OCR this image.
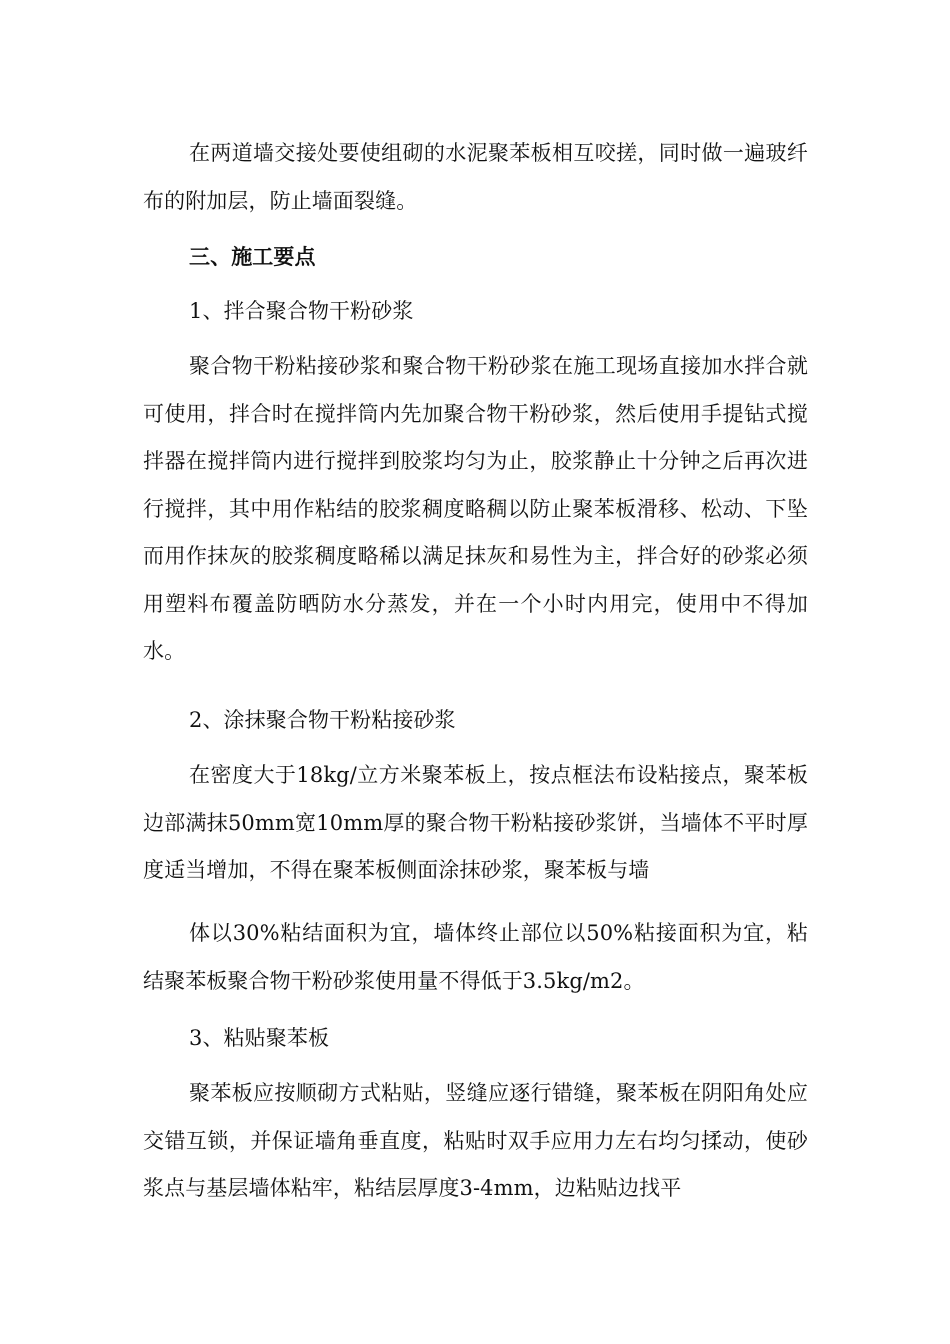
在两道墙交接处要使组砌的水泥聚苯板相互咬搓，同时做一遍玻纤布的附加层，防止墙面裂缝。

三、施工要点

1、拌合聚合物干粉砂浆

聚合物干粉粘接砂浆和聚合物干粉砂浆在施工现场直接加水拌合就可使用，拌合时在搅拌筒内先加聚合物干粉砂浆，然后使用手提钻式搅拌器在搅拌筒内进行搅拌到胶浆均匀为止，胶浆静止十分钟之后再次进行搅拌，其中用作粘结的胶浆稠度略稠以防止聚苯板滑移、松动、下坠而用作抹灰的胶浆稠度略稀以满足抹灰和易性为主，拌合好的砂浆必须用塑料布覆盖防晒防水分蒸发，并在一个小时内用完，使用中不得加水。

2、涂抹聚合物干粉粘接砂浆

在密度大于18kg/立方米聚苯板上，按点框法布设粘接点，聚苯板边部满抹50mm宽10mm厚的聚合物干粉粘接砂浆饼，当墙体不平时厚度适当增加，不得在聚苯板侧面涂抹砂浆，聚苯板与墙

体以30%粘结面积为宜，墙体终止部位以50%粘接面积为宜，粘结聚苯板聚合物干粉砂浆使用量不得低于3.5kg/m2。

3、粘贴聚苯板

聚苯板应按顺砌方式粘贴，竖缝应逐行错缝，聚苯板在阴阳角处应交错互锁，并保证墙角垂直度，粘贴时双手应用力左右均匀揉动，使砂浆点与基层墙体粘牢，粘结层厚度3-4mm，边粘贴边找平
